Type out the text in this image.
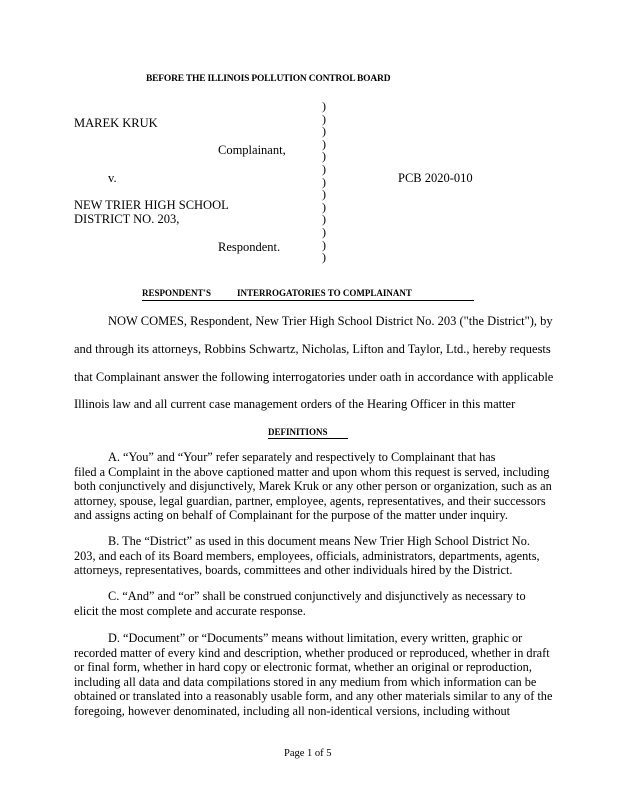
BEFORE THE ILLINOIS POLLUTION CONTROL BOARD
MAREK KRUK
Complainant,
v.	PCB 2020-010
NEW TRIER HIGH SCHOOL
DISTRICT NO. 203,
Respondent.
)
)
)
)
)
)
)
)
)
)
)
)
)
RESPONDENT'S	INTERROGATORIES TO COMPLAINANT
NOW COMES, Respondent, New Trier High School District No. 203 ("the District"), by
and through its attorneys, Robbins Schwartz, Nicholas, Lifton and Taylor, Ltd., hereby requests
that Complainant answer the following interrogatories under oath in accordance with applicable
Illinois law and all current case management orders of the Hearing Officer in this matter
DEFINITIONS
A. “You” and “Your” refer separately and respectively to Complainant that has
filed a Complaint in the above captioned matter and upon whom this request is served, including
both conjunctively and disjunctively, Marek Kruk or any other person or organization, such as an
attorney, spouse, legal guardian, partner, employee, agents, representatives, and their successors
and assigns acting on behalf of Complainant for the purpose of the matter under inquiry.
B. The “District” as used in this document means New Trier High School District No.
203, and each of its Board members, employees, officials, administrators, departments, agents,
attorneys, representatives, boards, committees and other individuals hired by the District.
C. “And” and “or” shall be construed conjunctively and disjunctively as necessary to
elicit the most complete and accurate response.
D. “Document” or “Documents” means without limitation, every written, graphic or
recorded matter of every kind and description, whether produced or reproduced, whether in draft
or final form, whether in hard copy or electronic format, whether an original or reproduction,
including all data and data compilations stored in any medium from which information can be
obtained or translated into a reasonably usable form, and any other materials similar to any of the
foregoing, however denominated, including all non-identical versions, including without
Page 1 of 5
